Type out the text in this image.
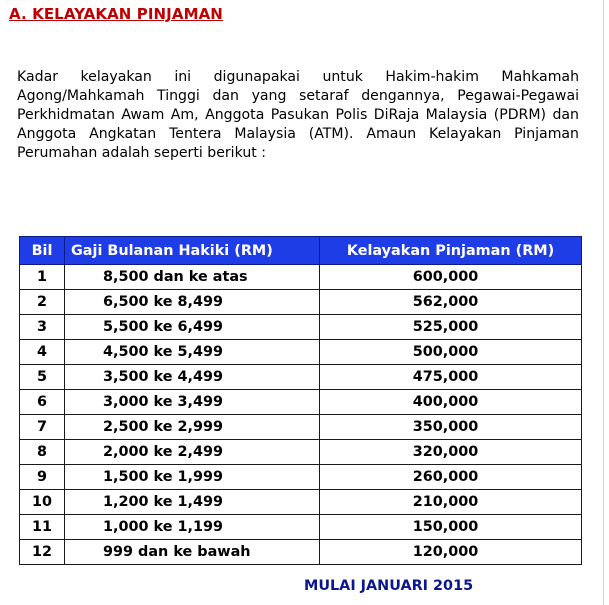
A. KELAYAKAN PINJAMAN
Kadar kelayakan ini digunapakai untuk Hakim-hakim Mahkamah Agong/Mahkamah Tinggi dan yang setaraf dengannya, Pegawai-Pegawai Perkhidmatan Awam Am, Anggota Pasukan Polis DiRaja Malaysia (PDRM) dan Anggota Angkatan Tentera Malaysia (ATM). Amaun Kelayakan Pinjaman Perumahan adalah seperti berikut :
Bil	Gaji Bulanan Hakiki (RM)	Kelayakan Pinjaman (RM)
1	8,500 dan ke atas	600,000
2	6,500 ke 8,499	562,000
3	5,500 ke 6,499	525,000
4	4,500 ke 5,499	500,000
5	3,500 ke 4,499	475,000
6	3,000 ke 3,499	400,000
7	2,500 ke 2,999	350,000
8	2,000 ke 2,499	320,000
9	1,500 ke 1,999	260,000
10	1,200 ke 1,499	210,000
11	1,000 ke 1,199	150,000
12	999 dan ke bawah	120,000
MULAI JANUARI 2015
